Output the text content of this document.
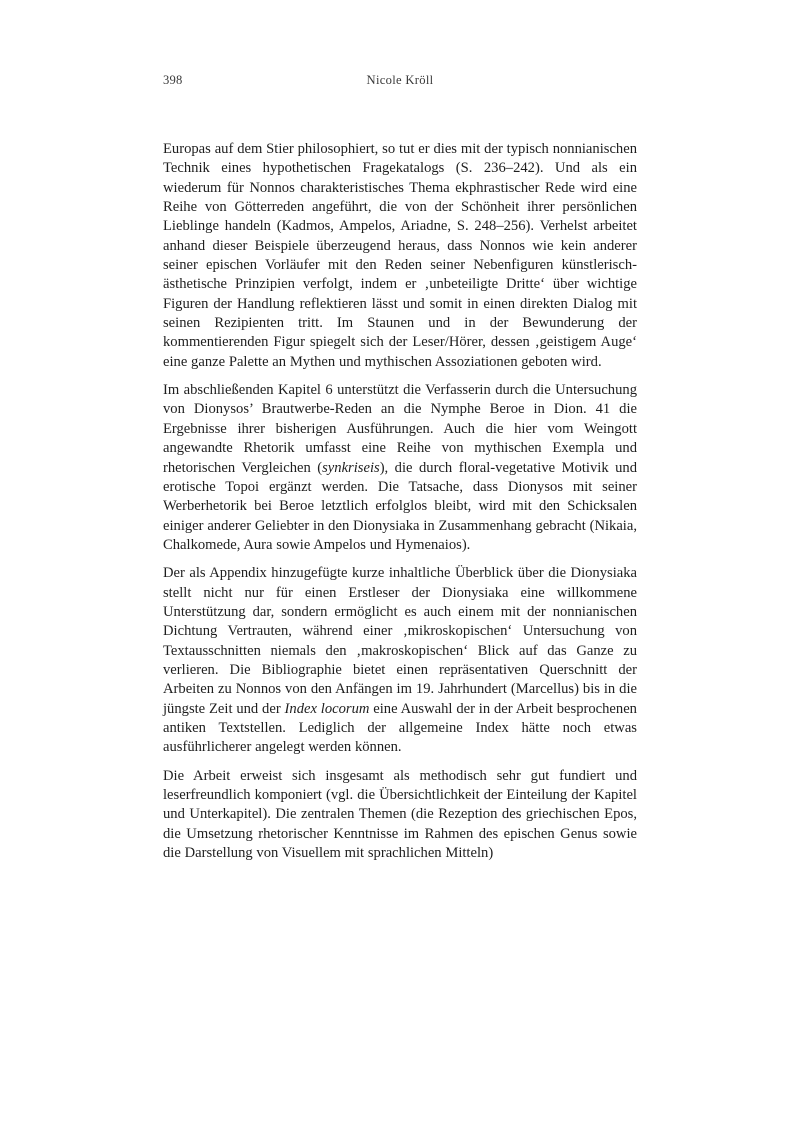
398	Nicole Kröll

Europas auf dem Stier philosophiert, so tut er dies mit der typisch nonnianischen Technik eines hypothetischen Fragekatalogs (S. 236–242). Und als ein wiederum für Nonnos charakteristisches Thema ekphrastischer Rede wird eine Reihe von Götterreden angeführt, die von der Schönheit ihrer persönlichen Lieblinge handeln (Kadmos, Ampelos, Ariadne, S. 248–256). Verhelst arbeitet anhand dieser Beispiele überzeugend heraus, dass Nonnos wie kein anderer seiner epischen Vorläufer mit den Reden seiner Nebenfiguren künstlerisch-ästhetische Prinzipien verfolgt, indem er ‚unbeteiligte Dritte‘ über wichtige Figuren der Handlung reflektieren lässt und somit in einen direkten Dialog mit seinen Rezipienten tritt. Im Staunen und in der Bewunderung der kommentierenden Figur spiegelt sich der Leser/Hörer, dessen ‚geistigem Auge‘ eine ganze Palette an Mythen und mythischen Assoziationen geboten wird.

Im abschließenden Kapitel 6 unterstützt die Verfasserin durch die Untersuchung von Dionysos’ Brautwerbe-Reden an die Nymphe Beroe in Dion. 41 die Ergebnisse ihrer bisherigen Ausführungen. Auch die hier vom Weingott angewandte Rhetorik umfasst eine Reihe von mythischen Exempla und rhetorischen Vergleichen (synkriseis), die durch floral-vegetative Motivik und erotische Topoi ergänzt werden. Die Tatsache, dass Dionysos mit seiner Werberhetorik bei Beroe letztlich erfolglos bleibt, wird mit den Schicksalen einiger anderer Geliebter in den Dionysiaka in Zusammenhang gebracht (Nikaia, Chalkomede, Aura sowie Ampelos und Hymenaios).

Der als Appendix hinzugefügte kurze inhaltliche Überblick über die Dionysiaka stellt nicht nur für einen Erstleser der Dionysiaka eine willkommene Unterstützung dar, sondern ermöglicht es auch einem mit der nonnianischen Dichtung Vertrauten, während einer ‚mikroskopischen‘ Untersuchung von Textausschnitten niemals den ‚makroskopischen‘ Blick auf das Ganze zu verlieren. Die Bibliographie bietet einen repräsentativen Querschnitt der Arbeiten zu Nonnos von den Anfängen im 19. Jahrhundert (Marcellus) bis in die jüngste Zeit und der Index locorum eine Auswahl der in der Arbeit besprochenen antiken Textstellen. Lediglich der allgemeine Index hätte noch etwas ausführlicherer angelegt werden können.

Die Arbeit erweist sich insgesamt als methodisch sehr gut fundiert und leserfreundlich komponiert (vgl. die Übersichtlichkeit der Einteilung der Kapitel und Unterkapitel). Die zentralen Themen (die Rezeption des griechischen Epos, die Umsetzung rhetorischer Kenntnisse im Rahmen des epischen Genus sowie die Darstellung von Visuellem mit sprachlichen Mitteln)
